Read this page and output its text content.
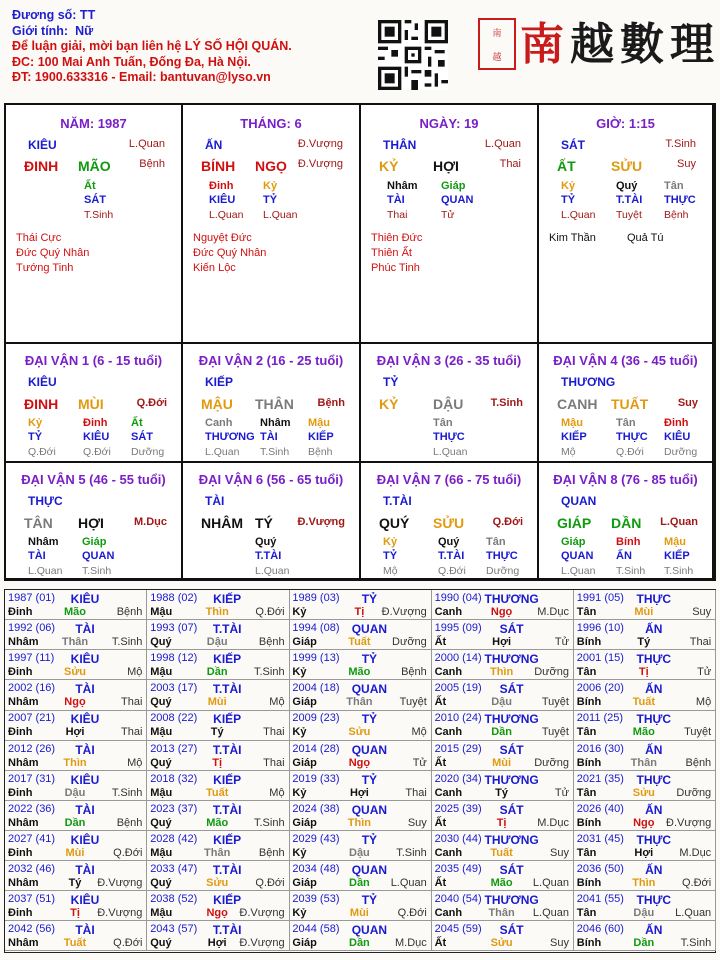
Đương số: TT
Giới tính: Nữ
Để luận giải, mời bạn liên hệ LÝ SỐ HỘI QUÁN.
ĐC: 100 Mai Anh Tuấn, Đống Đa, Hà Nội.
ĐT: 1900.633316 - Email: bantuvan@lyso.vn
南
越 南越數理
NĂM: 1987
KIÊU	L.Quan
ĐINH MÃO	Bệnh
Ất
SÁT
T.Sinh
Thái Cực
Đức Quý Nhân
Tướng Tinh
THÁNG: 6
ẤN	Đ.Vượng
BÍNH NGỌ Đ.Vượng
Đinh
KIÊU
L.Quan
Kỷ
TỶ
L.Quan
Nguyệt Đức
Đức Quý Nhân
Kiến Lộc
NGÀY: 19
THÂN	L.Quan
KỶ HỢI	Thai
Nhâm
TÀI
Thai
Giáp
QUAN
Tử
Thiên Đức
Thiên Ất
Phúc Tinh
GIỜ: 1:15
SÁT	T.Sinh
ẤT	SỬU	Suy
Kỷ
TỶ
L.Quan
Quý
T.TÀI
Tuyệt
Tân
THỰC
Bệnh
Kim Thần	Quả Tú
ĐẠI VẬN 1 (6 - 15 tuổi)
KIÊU
ĐINH MÙI	Q.Đới
Kỷ
TỶ
Q.Đới
Đinh
KIÊU
Q.Đới
Ất
SÁT
Dưỡng
ĐẠI VẬN 2 (16 - 25 tuổi)
KIẾP
MẬU THÂN Bệnh
Canh
THƯƠNG
L.Quan
Nhâm
TÀI
T.Sinh
Mậu
KIẾP
Bệnh
ĐẠI VẬN 3 (26 - 35 tuổi)
TỶ
KỶ DẬU T.Sinh
Tân
THỰC
L.Quan
ĐẠI VẬN 4 (36 - 45 tuổi)
THƯƠNG
CANH TUẤT	Suy
Mậu
KIẾP
Mộ
Tân
THỰC
Q.Đới
Đinh
KIÊU
Dưỡng
ĐẠI VẬN 5 (46 - 55 tuổi)
THỰC
TÂN HỢI	M.Dục
Nhâm
TÀI
L.Quan
Giáp
QUAN
T.Sinh
ĐẠI VẬN 6 (56 - 65 tuổi)
TÀI
NHÂM TÝ Đ.Vượng
Quý
T.TÀI
L.Quan
ĐẠI VẬN 7 (66 - 75 tuổi)
T.TÀI
QUÝ SỬU	Q.Đới
Kỷ
TỶ
Mộ
Quý
T.TÀI
Q.Đới
Tân
THỰC
Dưỡng
ĐẠI VẬN 8 (76 - 85 tuổi)
QUAN
GIÁP DẦN L.Quan
Giáp
QUAN
L.Quan
Bính
ẤN
T.Sinh
Mậu
KIẾP
T.Sinh
1987 (01) KIÊU
Đinh	Mão	Bệnh
1988 (02) KIẾP
Mậu	Thìn Q.Đới
1989 (03) TỶ
Kỷ	Tị Đ.Vượng
1990 (04) THƯƠNG
Canh	Ngọ M.Dục
1991 (05) THỰC
Tân	Mùi	Suy
1992 (06) TÀI
Nhâm Thân T.Sinh
1993 (07) T.TÀI
Quý	Dậu	Bệnh
1994 (08) QUAN
Giáp	Tuất Dưỡng
1995 (09) SÁT
Ất	Hợi	Tử
1996 (10) ẤN
Bính	Tý	Thai
1997 (11) KIÊU
Đinh	Sửu	Mộ
1998 (12) KIẾP
Mậu	Dần T.Sinh
1999 (13) TỶ
Kỷ	Mão	Bệnh
2000 (14) THƯƠNG
Canh	Thìn Dưỡng
2001 (15) THỰC
Tân	Tị	Tử
2002 (16) TÀI
Nhâm Ngọ	Thai
2003 (17) T.TÀI
Quý	Mùi	Mộ
2004 (18) QUAN
Giáp	Thân Tuyệt
2005 (19) SÁT
Ất	Dậu	Tuyệt
2006 (20) ẤN
Bính	Tuất	Mộ
2007 (21) KIÊU
Đinh	Hợi	Thai
2008 (22) KIẾP
Mậu	Tý	Thai
2009 (23) TỶ
Kỷ	Sửu	Mộ
2010 (24) THƯƠNG
Canh	Dần	Tuyệt
2011 (25) THỰC
Tân	Mão	Tuyệt
2012 (26) TÀI
Nhâm Thìn	Mộ
2013 (27) T.TÀI
Quý	Tị	Thai
2014 (28) QUAN
Giáp	Ngọ	Tử
2015 (29) SÁT
Ất	Mùi Dưỡng
2016 (30) ẤN
Bính	Thân	Bệnh
2017 (31) KIÊU
Đinh	Dậu T.Sinh
2018 (32) KIẾP
Mậu	Tuất	Mộ
2019 (33) TỶ
Kỷ	Hợi	Thai
2020 (34) THƯƠNG
Canh	Tý	Tử
2021 (35) THỰC
Tân	Sửu Dưỡng
2022 (36) TÀI
Nhâm Dần	Bệnh
2023 (37) T.TÀI
Quý	Mão T.Sinh
2024 (38) QUAN
Giáp	Thìn	Suy
2025 (39) SÁT
Ất	Tị	M.Dục
2026 (40) ẤN
Bính	Ngọ Đ.Vượng
2027 (41) KIÊU
Đinh	Mùi	Q.Đới
2028 (42) KIẾP
Mậu	Thân	Bệnh
2029 (43) TỶ
Kỷ	Dậu T.Sinh
2030 (44) THƯƠNG
Canh	Tuất	Suy
2031 (45) THỰC
Tân	Hợi M.Dục
2032 (46) TÀI
Nhâm	Tý Đ.Vượng
2033 (47) T.TÀI
Quý	Sửu Q.Đới
2034 (48) QUAN
Giáp	Dần L.Quan
2035 (49) SÁT
Ất	Mão L.Quan
2036 (50) ẤN
Bính	Thìn Q.Đới
2037 (51) KIÊU
Đinh	Tị Đ.Vượng
2038 (52) KIẾP
Mậu	Ngọ Đ.Vượng
2039 (53) TỶ
Kỷ	Mùi	Q.Đới
2040 (54) THƯƠNG
Canh Thân L.Quan
2041 (55) THỰC
Tân	Dậu L.Quan
2042 (56) TÀI
Nhâm Tuất Q.Đới
2043 (57) T.TÀI
Quý	Hợi Đ.Vượng
2044 (58) QUAN
Giáp	Dần M.Dục
2045 (59) SÁT
Ất	Sửu	Suy
2046 (60) ẤN
Bính	Dần T.Sinh
